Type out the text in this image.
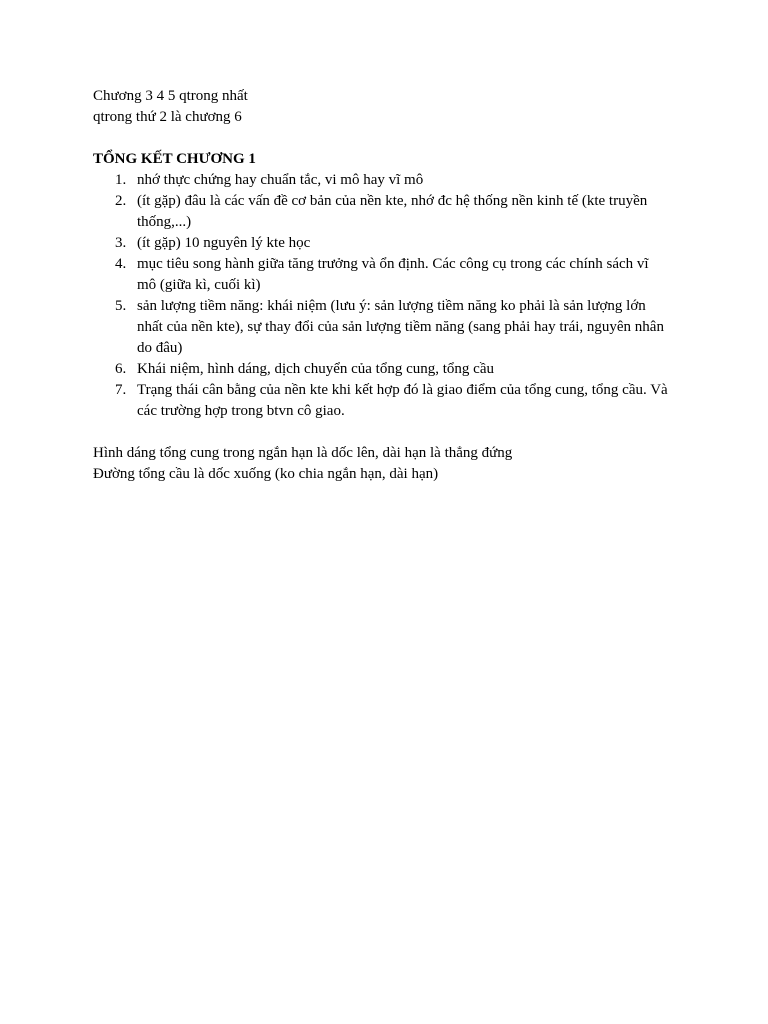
Chương 3 4 5 qtrong nhất

qtrong thứ 2 là chương 6

TỔNG KẾT CHƯƠNG 1

1. nhớ thực chứng hay chuẩn tắc, vi mô hay vĩ mô
2. (ít gặp) đâu là các vấn đề cơ bản của nền kte, nhớ đc hệ thống nền kinh tế (kte truyền thống,...)
3. (ít gặp) 10 nguyên lý kte học
4. mục tiêu song hành giữa tăng trưởng và ổn định. Các công cụ trong các chính sách vĩ mô (giữa kì, cuối kì)
5. sản lượng tiềm năng: khái niệm (lưu ý: sản lượng tiềm năng ko phải là sản lượng lớn nhất của nền kte), sự thay đổi của sản lượng tiềm năng (sang phải hay trái, nguyên nhân do đâu)
6. Khái niệm, hình dáng, dịch chuyển của tổng cung, tổng cầu
7. Trạng thái cân bằng của nền kte khi kết hợp đó là giao điểm của tổng cung, tổng cầu. Và các trường hợp trong btvn cô giao.

Hình dáng tổng cung trong ngắn hạn là dốc lên, dài hạn là thẳng đứng

Đường tổng cầu là dốc xuống (ko chia ngắn hạn, dài hạn)
